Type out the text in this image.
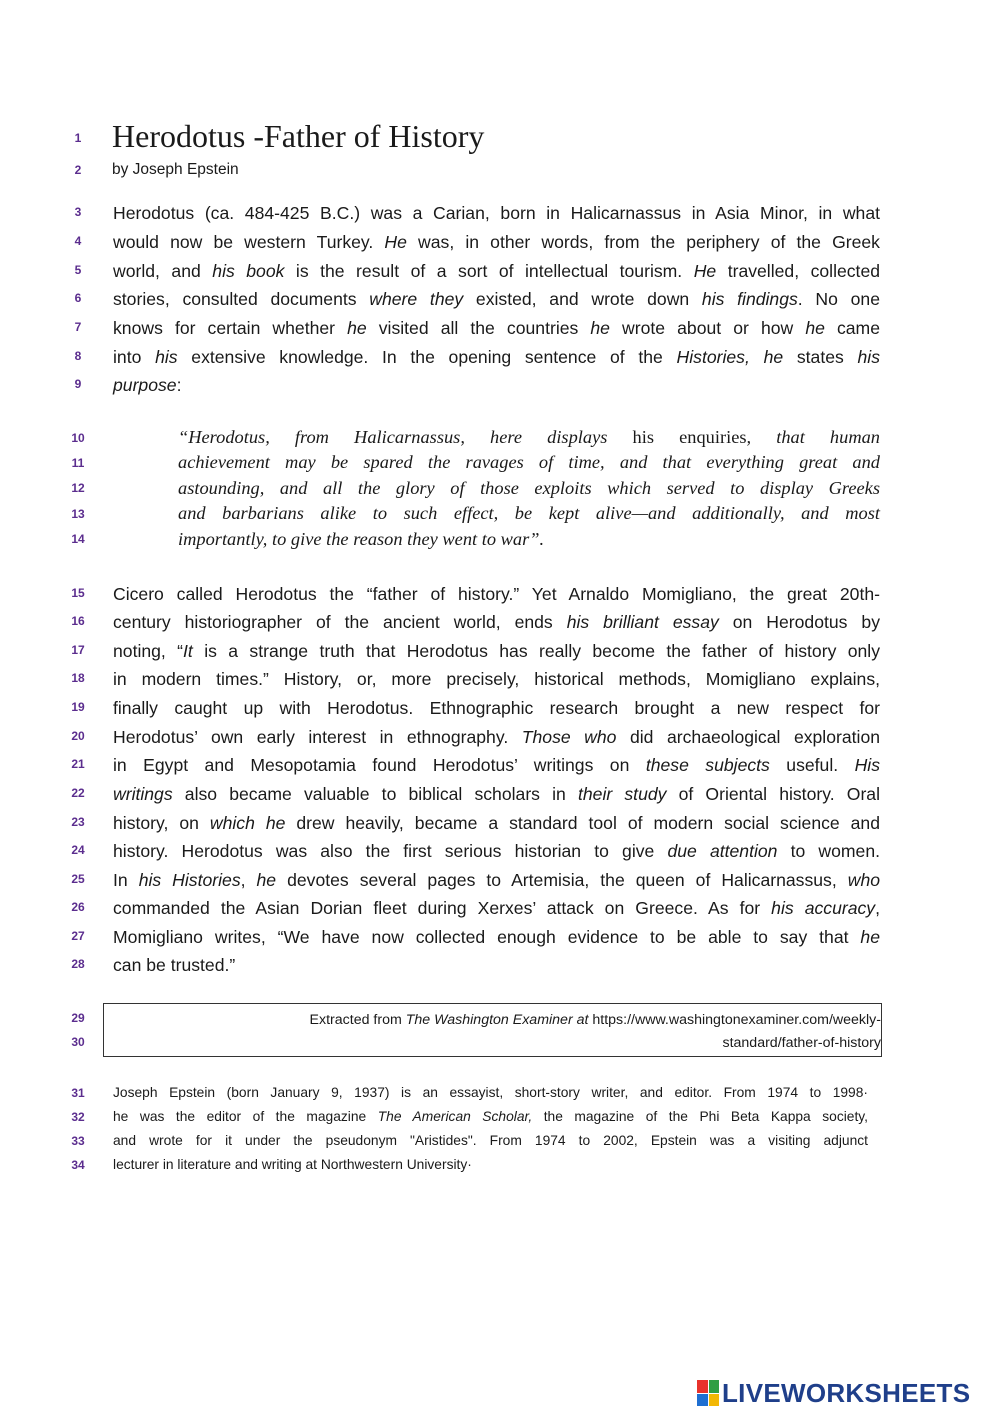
1
2
3
4
5
6
7
8
9
10
11
12
13
14
15
16
17
18
19
20
21
22
23
24
25
26
27
28
29
30
31
32
33
34
Herodotus -Father of History
by Joseph Epstein
Herodotus (ca. 484-425 B.C.) was a Carian, born in Halicarnassus in Asia Minor, in what
would now be western Turkey. He was, in other words, from the periphery of the Greek
world, and his book is the result of a sort of intellectual tourism. He travelled, collected
stories, consulted documents where they existed, and wrote down his findings. No one
knows for certain whether he visited all the countries he wrote about or how he came
into his extensive knowledge. In the opening sentence of the Histories, he states his
purpose:
“Herodotus, from Halicarnassus, here displays his enquiries, that human
achievement may be spared the ravages of time, and that everything great and
astounding, and all the glory of those exploits which served to display Greeks
and barbarians alike to such effect, be kept alive—and additionally, and most
importantly, to give the reason they went to war”.
Cicero called Herodotus the “father of history.” Yet Arnaldo Momigliano, the great 20th-
century historiographer of the ancient world, ends his brilliant essay on Herodotus by
noting, “It is a strange truth that Herodotus has really become the father of history only
in modern times.” History, or, more precisely, historical methods, Momigliano explains,
finally caught up with Herodotus. Ethnographic research brought a new respect for
Herodotus’ own early interest in ethnography. Those who did archaeological exploration
in Egypt and Mesopotamia found Herodotus’ writings on these subjects useful. His
writings also became valuable to biblical scholars in their study of Oriental history. Oral
history, on which he drew heavily, became a standard tool of modern social science and
history. Herodotus was also the first serious historian to give due attention to women.
In his Histories, he devotes several pages to Artemisia, the queen of Halicarnassus, who
commanded the Asian Dorian fleet during Xerxes’ attack on Greece. As for his accuracy,
Momigliano writes, “We have now collected enough evidence to be able to say that he
can be trusted.”
Extracted from The Washington Examiner at https://www.washingtonexaminer.com/weekly-
standard/father-of-history
Joseph Epstein (born January 9, 1937) is an essayist, short-story writer, and editor. From 1974 to 1998·
he was the editor of the magazine The American Scholar, the magazine of the Phi Beta Kappa society,
and wrote for it under the pseudonym "Aristides". From 1974 to 2002, Epstein was a visiting adjunct
lecturer in literature and writing at Northwestern University·
LIVEWORKSHEETS
